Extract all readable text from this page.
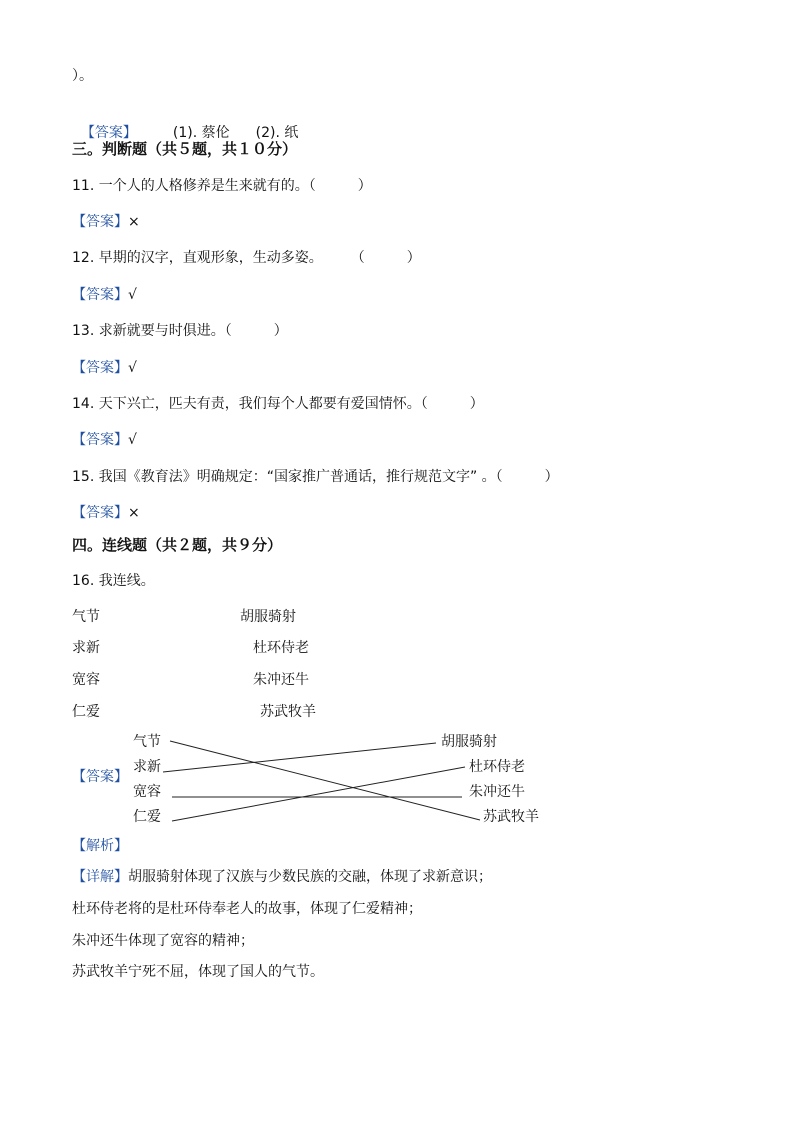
）。

【答案】	(1). 蔡伦 (2). 纸

三。判断题（共５题，共１０分）
11. 一个人的人格修养是生来就有的。（　　　）
【答案】×
12. 早期的汉字，直观形象，生动多姿。　　　（　　　）
【答案】√
13. 求新就要与时俱进。（　　　）
【答案】√
14. 天下兴亡，匹夫有责，我们每个人都要有爱国情怀。（　　　）
【答案】√
15. 我国《教育法》明确规定：“国家推广普通话，推行规范文字” 。（　　　）
【答案】×
四。连线题（共２题，共９分）
16. 我连线。
气节
求新
宽容
仁爱
胡服骑射
杜环侍老
朱冲还牛
苏武牧羊
【答案】
气节
求新
宽容
仁爱
胡服骑射
杜环侍老
朱冲还牛
苏武牧羊
【解析】
【详解】胡服骑射体现了汉族与少数民族的交融，体现了求新意识；
杜环侍老将的是杜环侍奉老人的故事，体现了仁爱精神；
朱冲还牛体现了宽容的精神；
苏武牧羊宁死不屈，体现了国人的气节。
